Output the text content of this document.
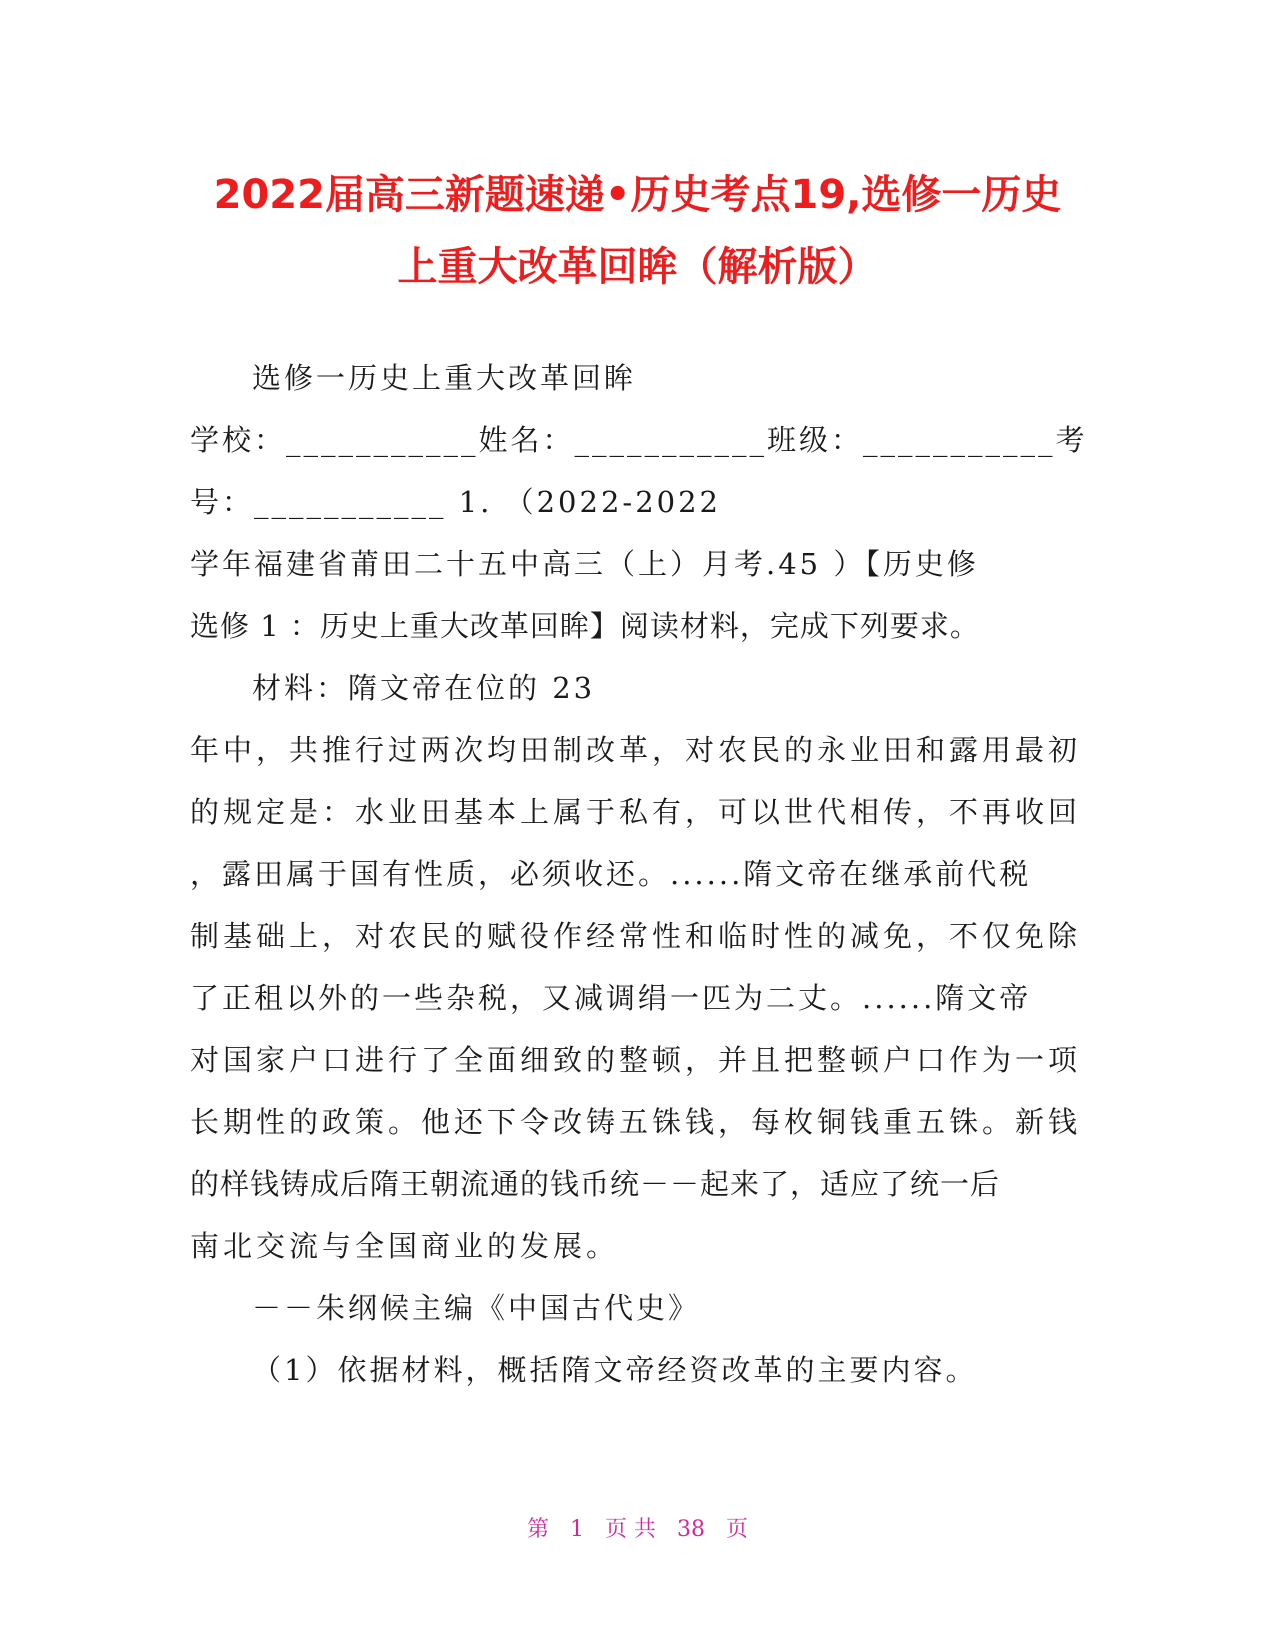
2022届高三新题速递•历史考点19,选修一历史
上重大改革回眸（解析版）
选修一历史上重大改革回眸
学校：___________姓名：___________班级：___________考
号：___________ 1. （2022-2022
学年福建省莆田二十五中高三（上）月考.45 ）【历史修
选修 1 ：历史上重大改革回眸】阅读材料，完成下列要求。
材料：隋文帝在位的 23
年中，共推行过两次均田制改革，对农民的永业田和露用最初
的规定是：水业田基本上属于私有，可以世代相传，不再收回
，露田属于国有性质，必须收还。......隋文帝在继承前代税
制基础上，对农民的赋役作经常性和临时性的减免，不仅免除
了正租以外的一些杂税，又减调绢一匹为二丈。......隋文帝
对国家户口进行了全面细致的整顿，并且把整顿户口作为一项
长期性的政策。他还下令改铸五铢钱，每枚铜钱重五铢。新钱
的样钱铸成后隋王朝流通的钱币统－－起来了，适应了统一后
南北交流与全国商业的发展。
－－朱纲候主编《中国古代史》
（1）依据材料，概括隋文帝经资改革的主要内容。
第 1 页 共 38 页
